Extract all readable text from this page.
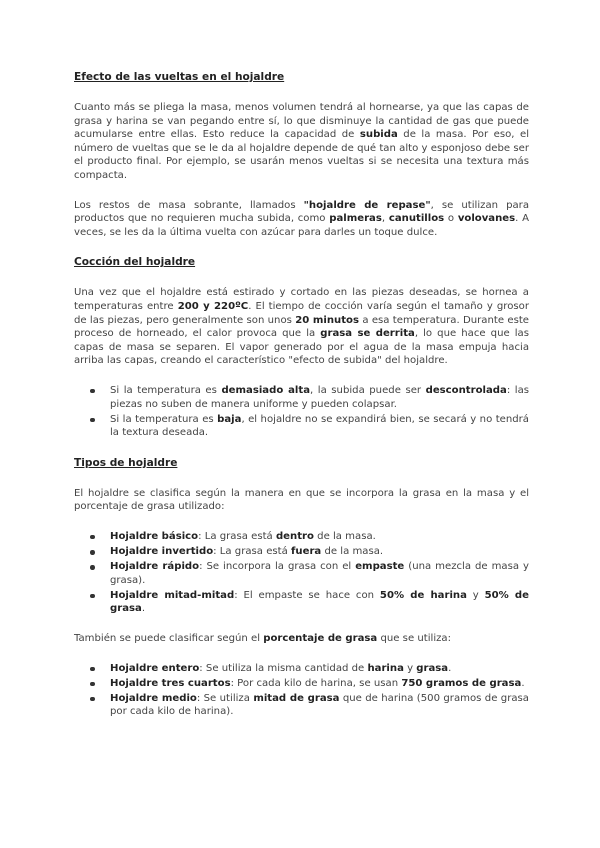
Efecto de las vueltas en el hojaldre

Cuanto más se pliega la masa, menos volumen tendrá al hornearse, ya que las capas de grasa y harina se van pegando entre sí, lo que disminuye la cantidad de gas que puede acumularse entre ellas. Esto reduce la capacidad de subida de la masa. Por eso, el número de vueltas que se le da al hojaldre depende de qué tan alto y esponjoso debe ser el producto final. Por ejemplo, se usarán menos vueltas si se necesita una textura más compacta.

Los restos de masa sobrante, llamados "hojaldre de repase", se utilizan para productos que no requieren mucha subida, como palmeras, canutillos o volovanes. A veces, se les da la última vuelta con azúcar para darles un toque dulce.

Cocción del hojaldre

Una vez que el hojaldre está estirado y cortado en las piezas deseadas, se hornea a temperaturas entre 200 y 220ºC. El tiempo de cocción varía según el tamaño y grosor de las piezas, pero generalmente son unos 20 minutos a esa temperatura. Durante este proceso de horneado, el calor provoca que la grasa se derrita, lo que hace que las capas de masa se separen. El vapor generado por el agua de la masa empuja hacia arriba las capas, creando el característico "efecto de subida" del hojaldre.

Si la temperatura es demasiado alta, la subida puede ser descontrolada: las piezas no suben de manera uniforme y pueden colapsar.
Si la temperatura es baja, el hojaldre no se expandirá bien, se secará y no tendrá la textura deseada.
Tipos de hojaldre

El hojaldre se clasifica según la manera en que se incorpora la grasa en la masa y el porcentaje de grasa utilizado:

Hojaldre básico: La grasa está dentro de la masa.
Hojaldre invertido: La grasa está fuera de la masa.
Hojaldre rápido: Se incorpora la grasa con el empaste (una mezcla de masa y grasa).
Hojaldre mitad-mitad: El empaste se hace con 50% de harina y 50% de grasa.

También se puede clasificar según el porcentaje de grasa que se utiliza:

Hojaldre entero: Se utiliza la misma cantidad de harina y grasa.
Hojaldre tres cuartos: Por cada kilo de harina, se usan 750 gramos de grasa.
Hojaldre medio: Se utiliza mitad de grasa que de harina (500 gramos de grasa por cada kilo de harina).
